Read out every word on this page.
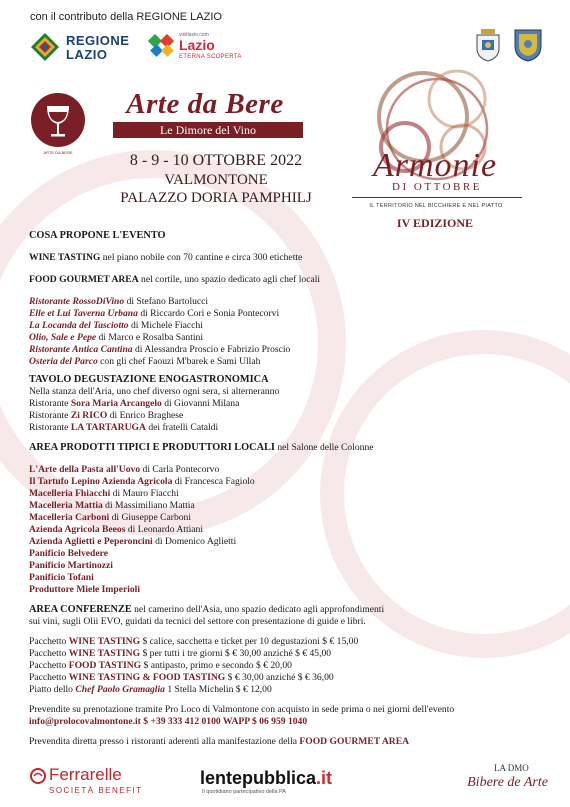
con il contributo della REGIONE LAZIO
REGIONE
LAZIO
visitlazio.com
Lazio
ETERNA SCOPERTA
ARTE DA BERE
Arte da Bere
Le Dimore del Vino
Armonie
DI OTTOBRE
IL TERRITORIO NEL BICCHIERE E NEL PIATTO
IV EDIZIONE
8 - 9 - 10 OTTOBRE 2022
VALMONTONE
PALAZZO DORIA PAMPHILJ
COSA PROPONE L'EVENTO
WINE TASTING nel piano nobile con 70 cantine e circa 300 etichette
FOOD GOURMET AREA nel cortile, uno spazio dedicato agli chef locali
Ristorante RossoDiVino di Stefano Bartolucci
Elle et Lui Taverna Urbana di Riccardo Cori e Sonia Pontecorvi
La Locanda del Tasciotto di Michele Fiacchi
Olio, Sale e Pepe di Marco e Rosalba Santini
Ristorante Antica Cantina di Alessandra Proscio e Fabrizio Proscio
Osteria del Parco con gli chef Faouzi M'barek e Sami Ullah
TAVOLO DEGUSTAZIONE ENOGASTRONOMICA
Nella stanza dell'Aria, uno chef diverso ogni sera, si alterneranno
Ristorante Sora Maria Arcangelo di Giovanni Milana
Ristorante Zi RICO di Enrico Braghese
Ristorante LA TARTARUGA dei fratelli Cataldi
AREA PRODOTTI TIPICI E PRODUTTORI LOCALI nel Salone delle Colonne
L'Arte della Pasta all'Uovo di Carla Pontecorvo
Il Tartufo Lepino Azienda Agricola di Francesca Fagiolo
Macelleria Fhiacchi di Mauro Fiacchi
Macelleria Mattia di Massimiliano Mattia
Macelleria Carboni di Giuseppe Carboni
Azienda Agricola Beeos di Leonardo Attiani
Azienda Aglietti e Peperoncini di Domenico Aglietti
Panificio Belvedere
Panificio Martinozzi
Panificio Tofani
Produttore Miele Imperioli
AREA CONFERENZE nel camerino dell'Asia, uno spazio dedicato agli approfondimenti
sui vini, sugli Olii EVO, guidati da tecnici del settore con presentazione di guide e libri.
Pacchetto WINE TASTING $ calice, sacchetta e ticket per 10 degustazioni $ € 15,00
Pacchetto WINE TASTING $ per tutti i tre giorni $ € 30,00 anziché $ € 45,00
Pacchetto FOOD TASTING $ antipasto, primo e secondo $ € 20,00
Pacchetto WINE TASTING & FOOD TASTING $ € 30,00 anziché $ € 36,00
Piatto dello Chef Paolo Gramaglia 1 Stella Michelin $ € 12,00
Prevendite su prenotazione tramite Pro Loco di Valmontone con acquisto in sede prima o nei giorni dell'evento
info@prolocovalmontone.it $ +39 333 412 0100 WAPP $ 06 959 1040
Prevendita diretta presso i ristoranti aderenti alla manifestazione della FOOD GOURMET AREA
Ferrarelle
SOCIETÀ BENEFIT
lentepubblica.it
Il quotidiano partecipativo della PA
LA DMO
Bibere de Arte
